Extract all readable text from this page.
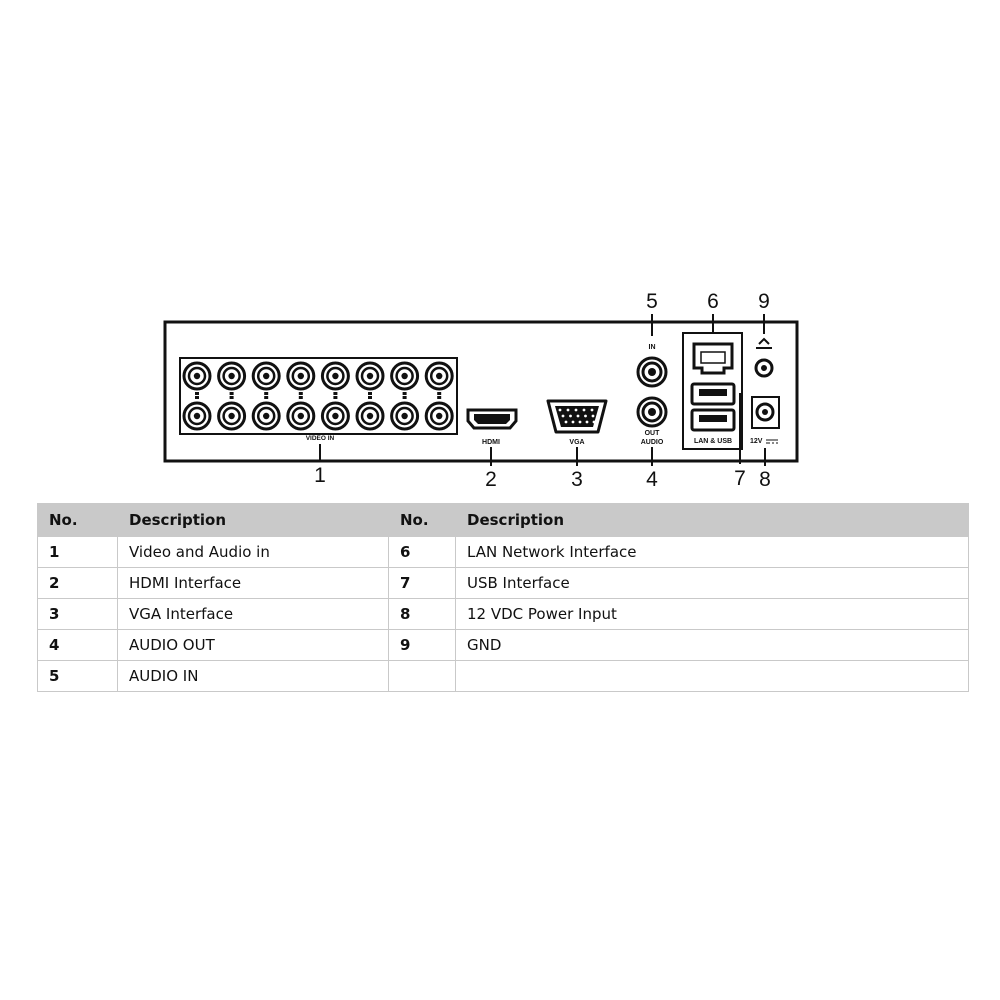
VIDEO IN
HDMI	VGA
IN
OUT
AUDIO	LAN & USB	12V
1	2	3	4
5 6
7 8
9
No.	Description	No.	Description
1	Video and Audio in	6	LAN Network Interface
2	HDMI Interface	7	USB Interface
3	VGA Interface	8	12 VDC Power Input
4	AUDIO OUT	9	GND
5	AUDIO IN		
